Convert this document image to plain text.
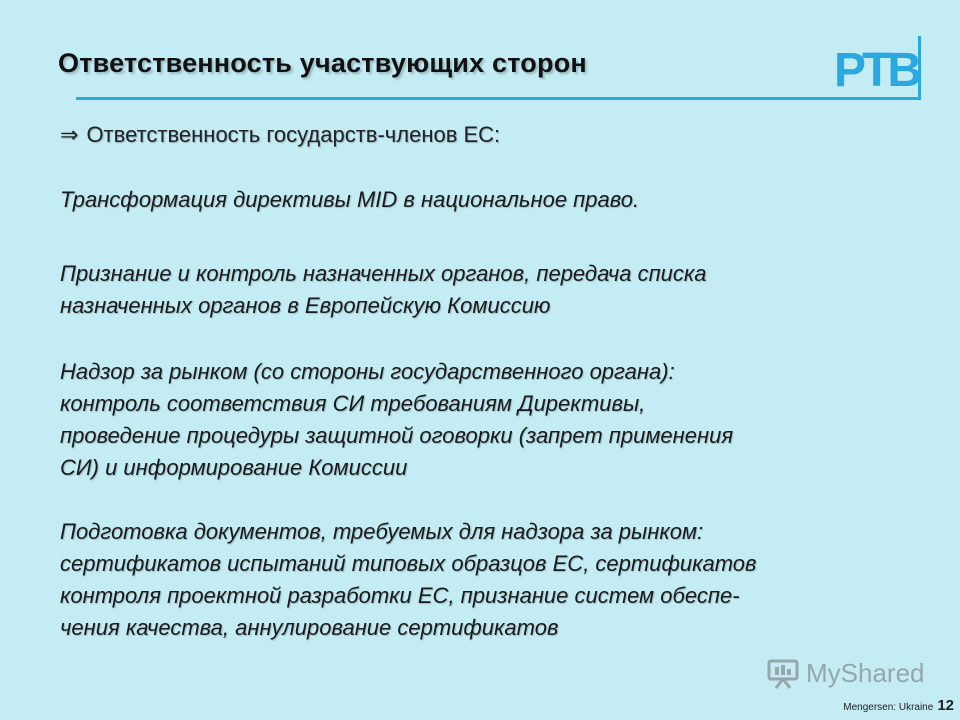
Ответственность участвующих сторон	PTB
⇒ Ответственность государств-членов ЕС:
Трансформация директивы MID в национальное право.
Признание и контроль назначенных органов, передача списка
назначенных органов в Европейскую Комиссию
Надзор за рынком (со стороны государственного органа):
контроль соответствия СИ требованиям Директивы,
проведение процедуры защитной оговорки (запрет применения
СИ) и информирование Комиссии
Подготовка документов, требуемых для надзора за рынком:
сертификатов испытаний типовых образцов ЕС, сертификатов
контроля проектной разработки ЕС, признание систем обеспе-
чения качества, аннулирование сертификатов
MyShared
Mengersen: Ukraine 12
